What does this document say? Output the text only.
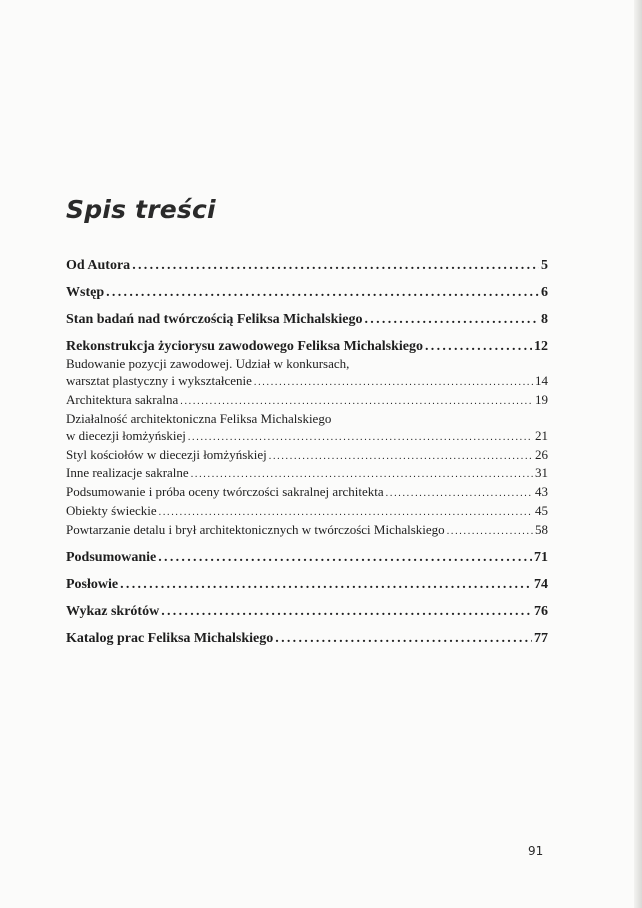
Spis treści
Od Autora . . .	5
Wstęp . . .	6
Stan badań nad twórczością Feliksa Michalskiego . . .	8
Rekonstrukcja życiorysu zawodowego Feliksa Michalskiego . . .	12
Budowanie pozycji zawodowej. Udział w konkursach,
warsztat plastyczny i wykształcenie . . .	14
Architektura sakralna . . .	19
Działalność architektoniczna Feliksa Michalskiego
w diecezji łomżyńskiej . . .	21
Styl kościołów w diecezji łomżyńskiej . . .	26
Inne realizacje sakralne . . .	31
Podsumowanie i próba oceny twórczości sakralnej architekta . . .	43
Obiekty świeckie . . .	45
Powtarzanie detalu i brył architektonicznych w twórczości Michalskiego . . .	58
Podsumowanie . . .	71
Posłowie . . .	74
Wykaz skrótów . . .	76
Katalog prac Feliksa Michalskiego . . .	77
91
